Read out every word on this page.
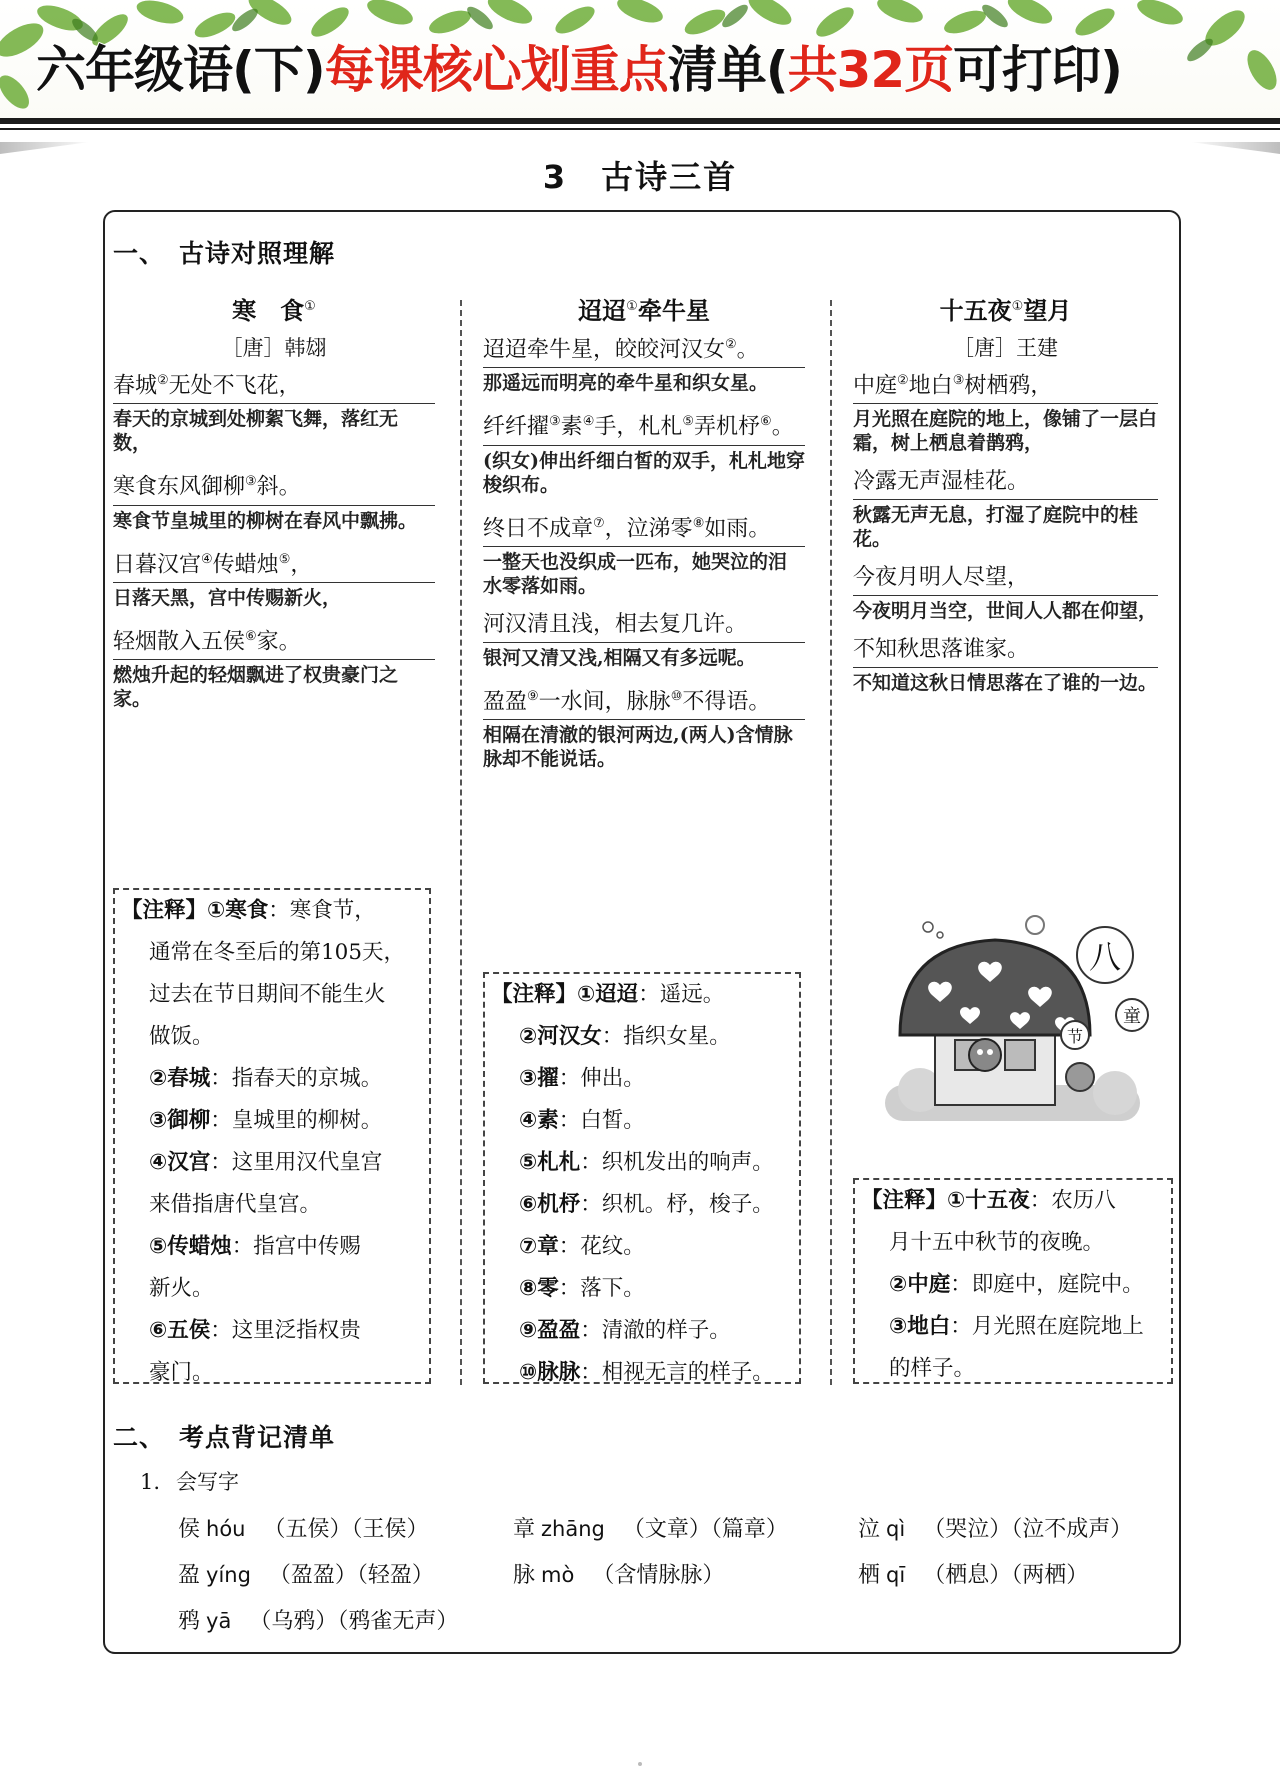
六年级语(下)每课核心划重点清单(共32页可打印)
3 古诗三首
一、 古诗对照理解
寒　食①
［唐］韩翃
春城②无处不飞花，
春天的京城到处柳絮飞舞，落红无数，
寒食东风御柳③斜。
寒食节皇城里的柳树在春风中飘拂。
日暮汉宫④传蜡烛⑤，
日落天黑，宫中传赐新火，
轻烟散入五侯⑥家。
燃烛升起的轻烟飘进了权贵豪门之家。
迢迢①牵牛星
迢迢牵牛星，皎皎河汉女②。
那遥远而明亮的牵牛星和织女星。
纤纤擢③素④手，札札⑤弄机杼⑥。
(织女)伸出纤细白皙的双手，札札地穿梭织布。
终日不成章⑦，泣涕零⑧如雨。
一整天也没织成一匹布，她哭泣的泪水零落如雨。
河汉清且浅，相去复几许。
银河又清又浅,相隔又有多远呢。
盈盈⑨一水间，脉脉⑩不得语。
相隔在清澈的银河两边,(两人)含情脉脉却不能说话。
十五夜①望月
［唐］王建
中庭②地白③树栖鸦，
月光照在庭院的地上，像铺了一层白霜，树上栖息着鹊鸦，
冷露无声湿桂花。
秋露无声无息，打湿了庭院中的桂花。
今夜月明人尽望，
今夜明月当空，世间人人都在仰望，
不知秋思落谁家。
不知道这秋日情思落在了谁的一边。
【注释】①寒食：寒食节，
通常在冬至后的第105天，
过去在节日期间不能生火
做饭。
②春城：指春天的京城。
③御柳：皇城里的柳树。
④汉宫：这里用汉代皇宫
来借指唐代皇宫。
⑤传蜡烛：指宫中传赐
新火。
⑥五侯：这里泛指权贵
豪门。
【注释】①迢迢：遥远。
②河汉女：指织女星。
③擢：伸出。
④素：白皙。
⑤札札：织机发出的响声。
⑥机杼：织机。杼，梭子。
⑦章：花纹。
⑧零：落下。
⑨盈盈：清澈的样子。
⑩脉脉：相视无言的样子。
【注释】①十五夜：农历八
月十五中秋节的夜晚。
②中庭：即庭中，庭院中。
③地白：月光照在庭院地上
的样子。
八
童
节
二、 考点背记清单
1. 会写字
侯 hóu （五侯）（王侯）	章 zhāng （文章）（篇章）	泣 qì （哭泣）（泣不成声）
盈 yíng （盈盈）（轻盈）	脉 mò （含情脉脉）	栖 qī （栖息）（两栖）
鸦 yā （乌鸦）（鸦雀无声）
